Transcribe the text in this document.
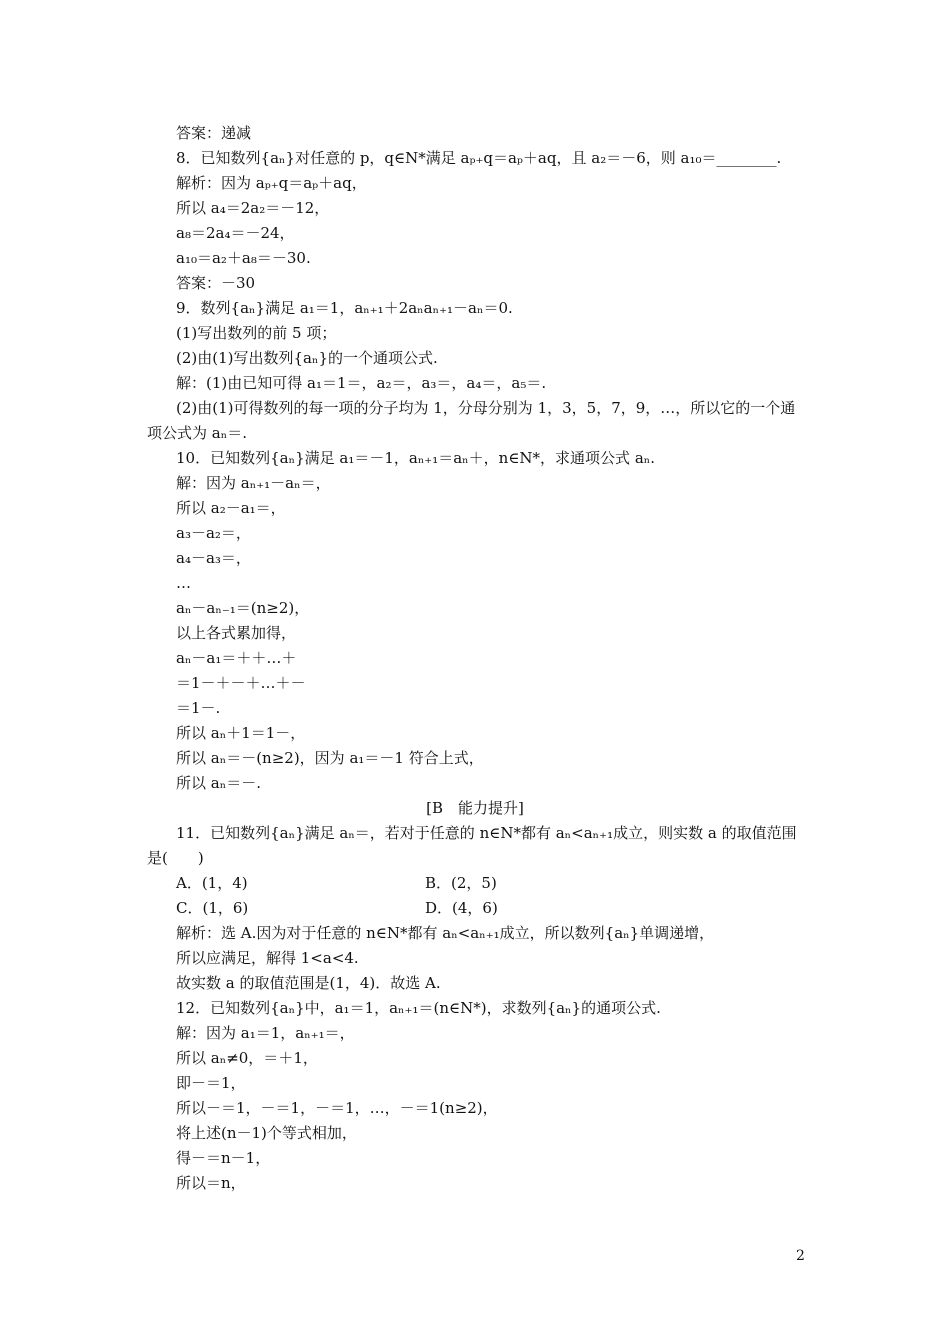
答案：递减
8．已知数列{aₙ}对任意的 p，q∈N*满足 aₚ₊q＝aₚ＋aq，且 a₂＝－6，则 a₁₀＝________.
解析：因为 aₚ₊q＝aₚ＋aq，
所以 a₄＝2a₂＝－12，
a₈＝2a₄＝－24，
a₁₀＝a₂＋a₈＝－30.
答案：－30
9．数列{aₙ}满足 a₁＝1，aₙ₊₁＋2aₙaₙ₊₁－aₙ＝0.
(1)写出数列的前 5 项；
(2)由(1)写出数列{aₙ}的一个通项公式.
解：(1)由已知可得 a₁＝1＝，a₂＝，a₃＝，a₄＝，a₅＝.
(2)由(1)可得数列的每一项的分子均为 1，分母分别为 1，3，5，7，9，…，所以它的一个通
项公式为 aₙ＝.
10．已知数列{aₙ}满足 a₁＝－1，aₙ₊₁＝aₙ＋，n∈N*，求通项公式 aₙ.
解：因为 aₙ₊₁－aₙ＝，
所以 a₂－a₁＝，
a₃－a₂＝，
a₄－a₃＝，
…
aₙ－aₙ₋₁＝(n≥2)，
以上各式累加得，
aₙ－a₁＝＋＋…＋
＝1－＋－＋…＋－
＝1－.
所以 aₙ＋1＝1－，
所以 aₙ＝－(n≥2)，因为 a₁＝－1 符合上式，
所以 aₙ＝－.
[B　能力提升]
11．已知数列{aₙ}满足 aₙ＝，若对于任意的 n∈N*都有 aₙ<aₙ₊₁成立，则实数 a 的取值范围
是(　　)
A．(1，4)	B．(2，5)
C．(1，6)	D．(4，6)
解析：选 A.因为对于任意的 n∈N*都有 aₙ<aₙ₊₁成立，所以数列{aₙ}单调递增，
所以应满足，解得 1<a<4.
故实数 a 的取值范围是(1，4)．故选 A.
12．已知数列{aₙ}中，a₁＝1，aₙ₊₁＝(n∈N*)，求数列{aₙ}的通项公式.
解：因为 a₁＝1，aₙ₊₁＝，
所以 aₙ≠0，＝＋1，
即－＝1，
所以－＝1，－＝1，－＝1，…，－＝1(n≥2)，
将上述(n－1)个等式相加，
得－＝n－1，
所以＝n，
2
